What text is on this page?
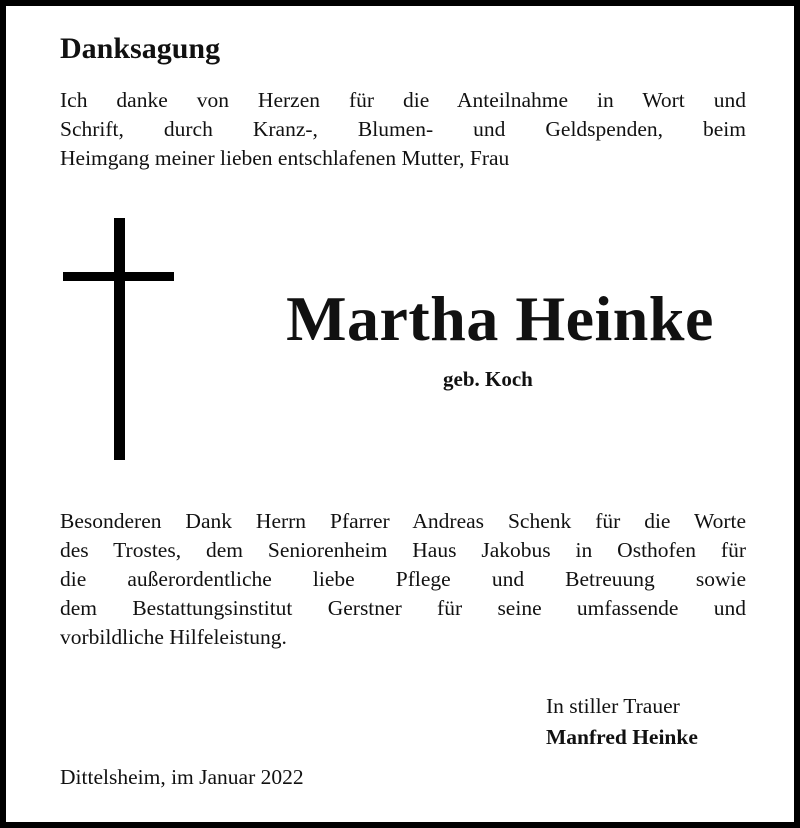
Danksagung
Ich danke von Herzen für die Anteilnahme in Wort und
Schrift, durch Kranz-, Blumen- und Geldspenden, beim
Heimgang meiner lieben entschlafenen Mutter, Frau
Martha Heinke
geb. Koch
Besonderen Dank Herrn Pfarrer Andreas Schenk für die Worte
des Trostes, dem Seniorenheim Haus Jakobus in Osthofen für
die außerordentliche liebe Pflege und Betreuung sowie
dem Bestattungsinstitut Gerstner für seine umfassende und
vorbildliche Hilfeleistung.
In stiller Trauer
Manfred Heinke
Dittelsheim, im Januar 2022
